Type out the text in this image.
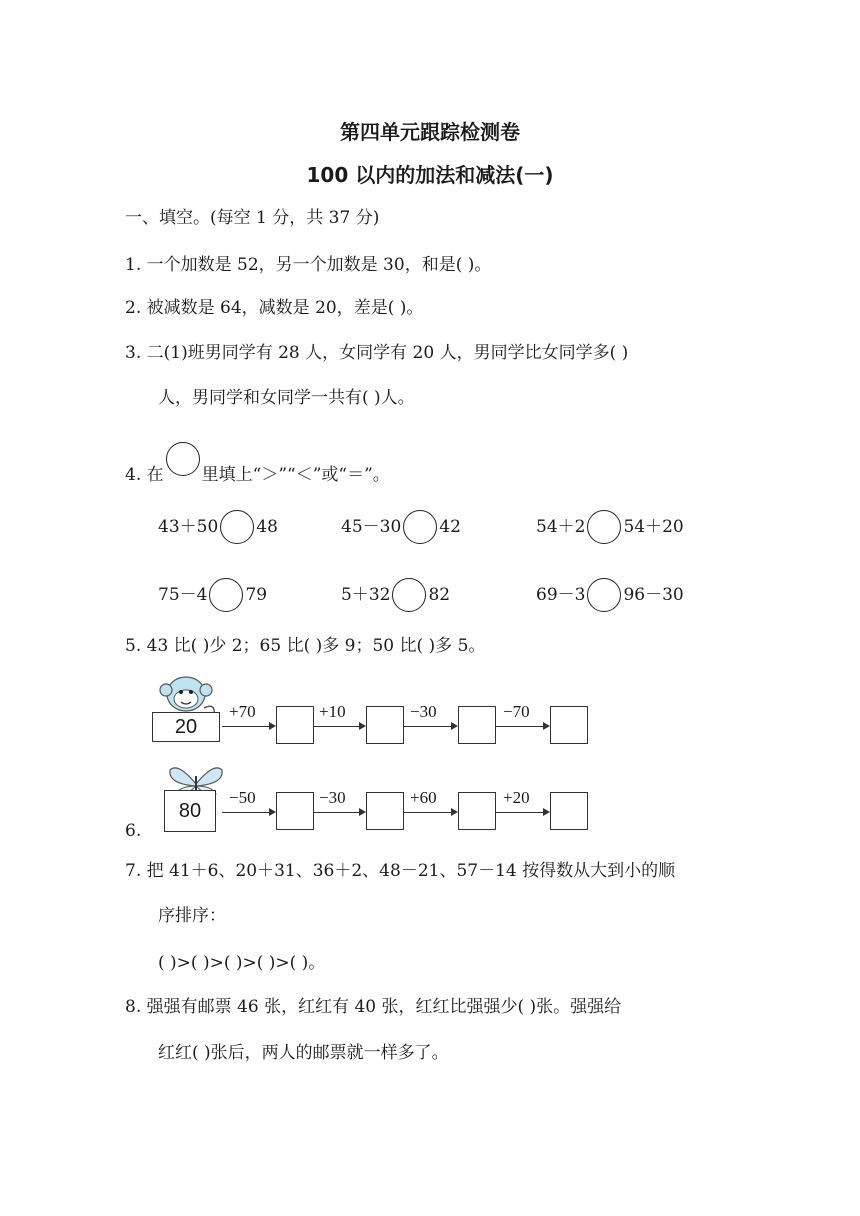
第四单元跟踪检测卷
100 以内的加法和减法(一)
一、填空。(每空 1 分，共 37 分)
1. 一个加数是 52，另一个加数是 30，和是( )。
2. 被减数是 64，减数是 20，差是( )。
3. 二(1)班男同学有 28 人，女同学有 20 人，男同学比女同学多( )
人，男同学和女同学一共有( )人。
4. 在 里填上“＞”“＜”或“＝”。
43＋50 48	45－30 42	54＋2 54＋20
75－4 79	5＋32 82	69－3 96－30
5. 43 比( )少 2；65 比( )多 9；50 比( )多 5。
20
+70	+10	−30	−70
80
−50	−30	+60	+20
6.
7. 把 41＋6、20＋31、36＋2、48－21、57－14 按得数从大到小的顺
序排序：
( )>( )>( )>( )>( )。
8. 强强有邮票 46 张，红红有 40 张，红红比强强少( )张。强强给
红红( )张后，两人的邮票就一样多了。
